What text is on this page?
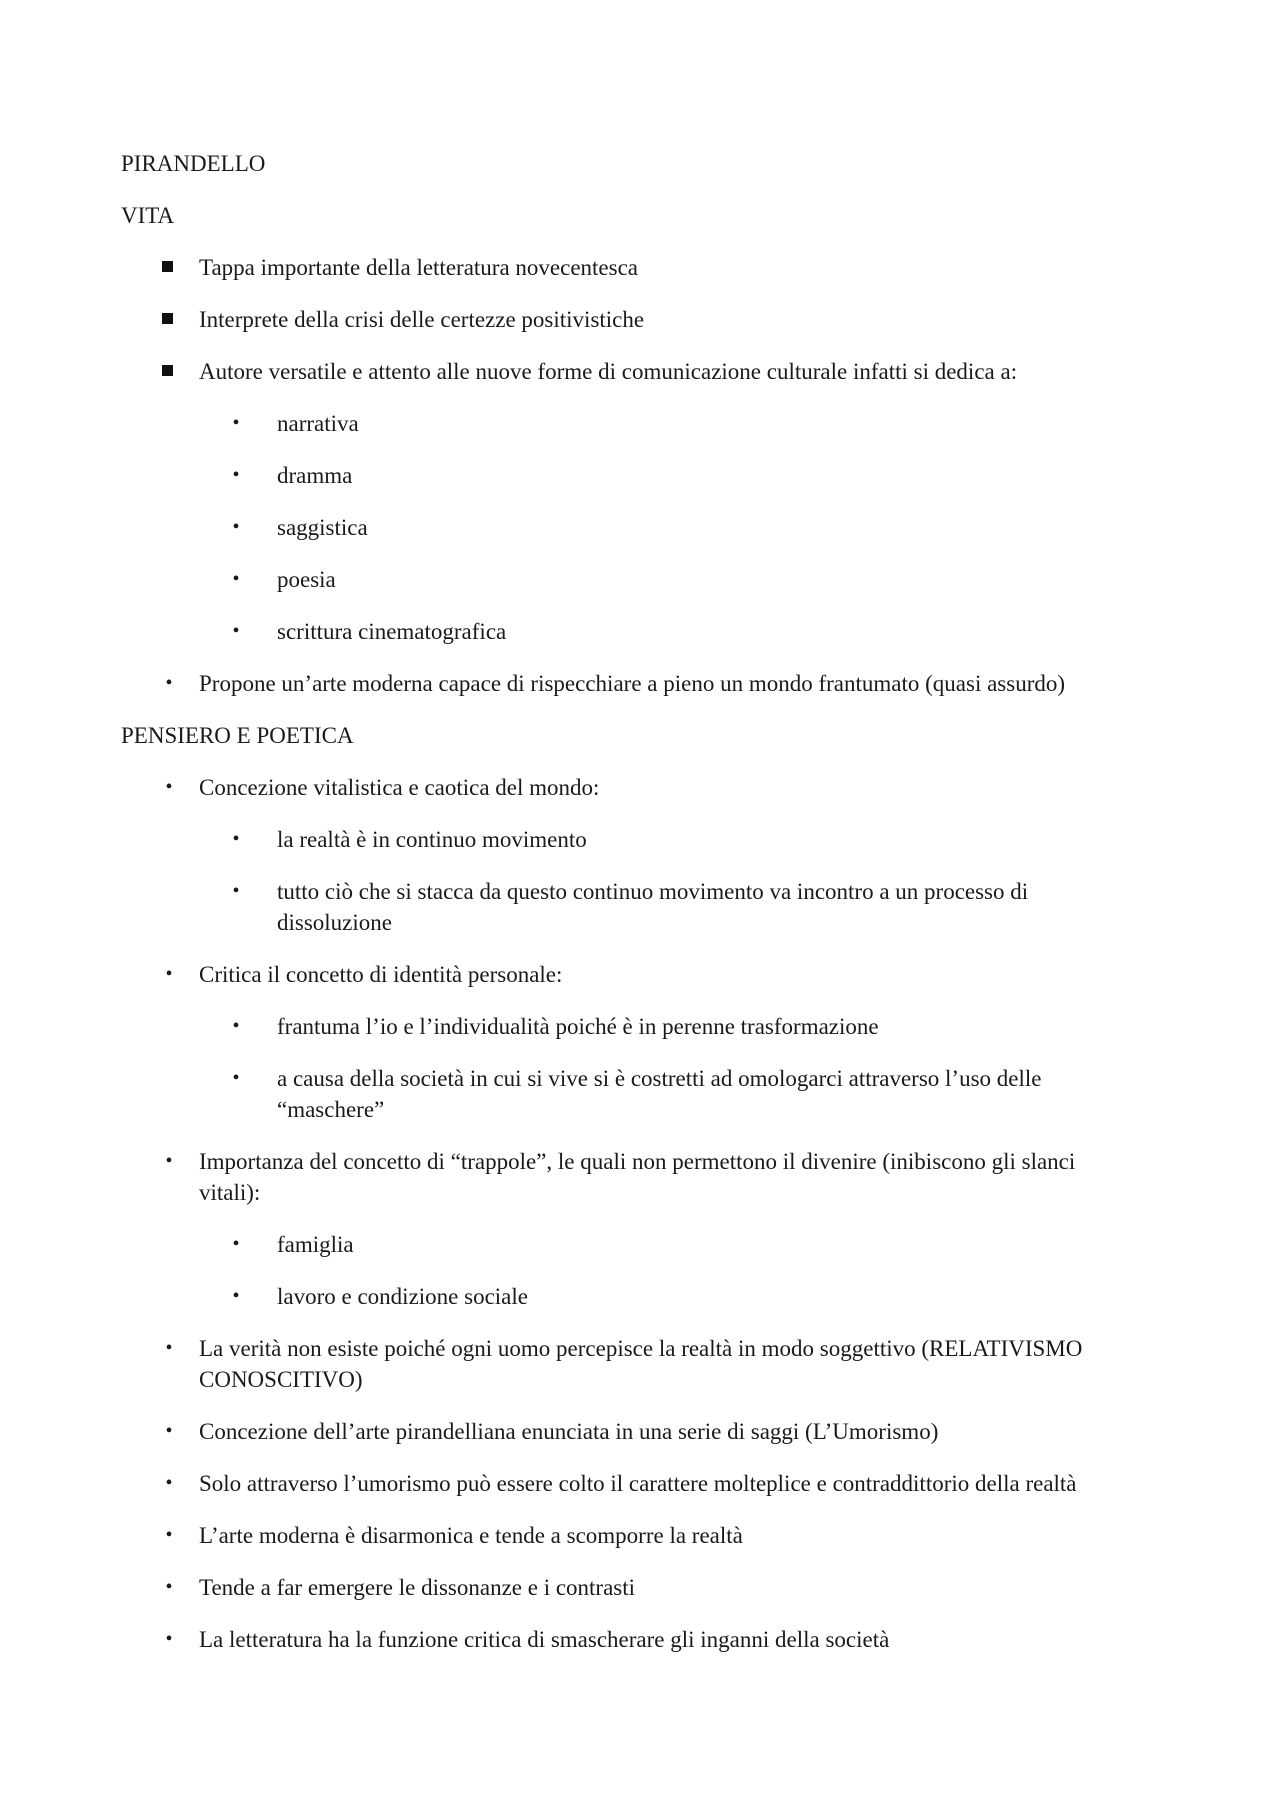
PIRANDELLO
VITA
Tappa importante della letteratura novecentesca
Interprete della crisi delle certezze positivistiche
Autore versatile e attento alle nuove forme di comunicazione culturale infatti si dedica a:
• narrativa
• dramma
• saggistica
• poesia
• scrittura cinematografica
• Propone un’arte moderna capace di rispecchiare a pieno un mondo frantumato (quasi assurdo)
PENSIERO E POETICA
• Concezione vitalistica e caotica del mondo:
• la realtà è in continuo movimento
• tutto ciò che si stacca da questo continuo movimento va incontro a un processo di dissoluzione
• Critica il concetto di identità personale:
• frantuma l’io e l’individualità poiché è in perenne trasformazione
• a causa della società in cui si vive si è costretti ad omologarci attraverso l’uso delle “maschere”
• Importanza del concetto di “trappole”, le quali non permettono il divenire (inibiscono gli slanci vitali):
• famiglia
• lavoro e condizione sociale
• La verità non esiste poiché ogni uomo percepisce la realtà in modo soggettivo (RELATIVISMO CONOSCITIVO)
• Concezione dell’arte pirandelliana enunciata in una serie di saggi (L’Umorismo)
• Solo attraverso l’umorismo può essere colto il carattere molteplice e contraddittorio della realtà
• L’arte moderna è disarmonica e tende a scomporre la realtà
• Tende a far emergere le dissonanze e i contrasti
• La letteratura ha la funzione critica di smascherare gli inganni della società
